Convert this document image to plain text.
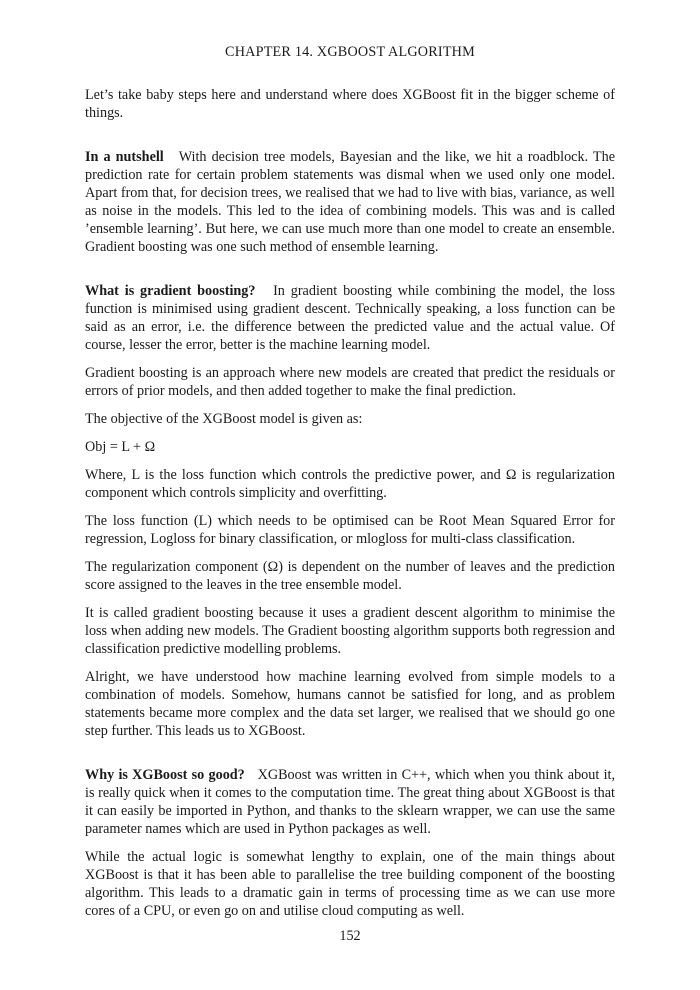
CHAPTER 14. XGBOOST ALGORITHM

Let’s take baby steps here and understand where does XGBoost fit in the bigger scheme of things.

In a nutshell With decision tree models, Bayesian and the like, we hit a roadblock. The prediction rate for certain problem statements was dismal when we used only one model. Apart from that, for decision trees, we realised that we had to live with bias, variance, as well as noise in the models. This led to the idea of combining models. This was and is called ’ensemble learning’. But here, we can use much more than one model to create an ensemble. Gradient boosting was one such method of ensemble learning.

What is gradient boosting? In gradient boosting while combining the model, the loss function is minimised using gradient descent. Technically speaking, a loss function can be said as an error, i.e. the difference between the predicted value and the actual value. Of course, lesser the error, better is the machine learning model.

Gradient boosting is an approach where new models are created that predict the residuals or errors of prior models, and then added together to make the final prediction.

The objective of the XGBoost model is given as:

Obj = L + Ω

Where, L is the loss function which controls the predictive power, and Ω is regularization component which controls simplicity and overfitting.

The loss function (L) which needs to be optimised can be Root Mean Squared Error for regression, Logloss for binary classification, or mlogloss for multi-class classification.

The regularization component (Ω) is dependent on the number of leaves and the prediction score assigned to the leaves in the tree ensemble model.

It is called gradient boosting because it uses a gradient descent algorithm to minimise the loss when adding new models. The Gradient boosting algorithm supports both regression and classification predictive modelling problems.

Alright, we have understood how machine learning evolved from simple models to a combination of models. Somehow, humans cannot be satisfied for long, and as problem statements became more complex and the data set larger, we realised that we should go one step further. This leads us to XGBoost.

Why is XGBoost so good? XGBoost was written in C++, which when you think about it, is really quick when it comes to the computation time. The great thing about XGBoost is that it can easily be imported in Python, and thanks to the sklearn wrapper, we can use the same parameter names which are used in Python packages as well.

While the actual logic is somewhat lengthy to explain, one of the main things about XGBoost is that it has been able to parallelise the tree building component of the boosting algorithm. This leads to a dramatic gain in terms of processing time as we can use more cores of a CPU, or even go on and utilise cloud computing as well.

152
